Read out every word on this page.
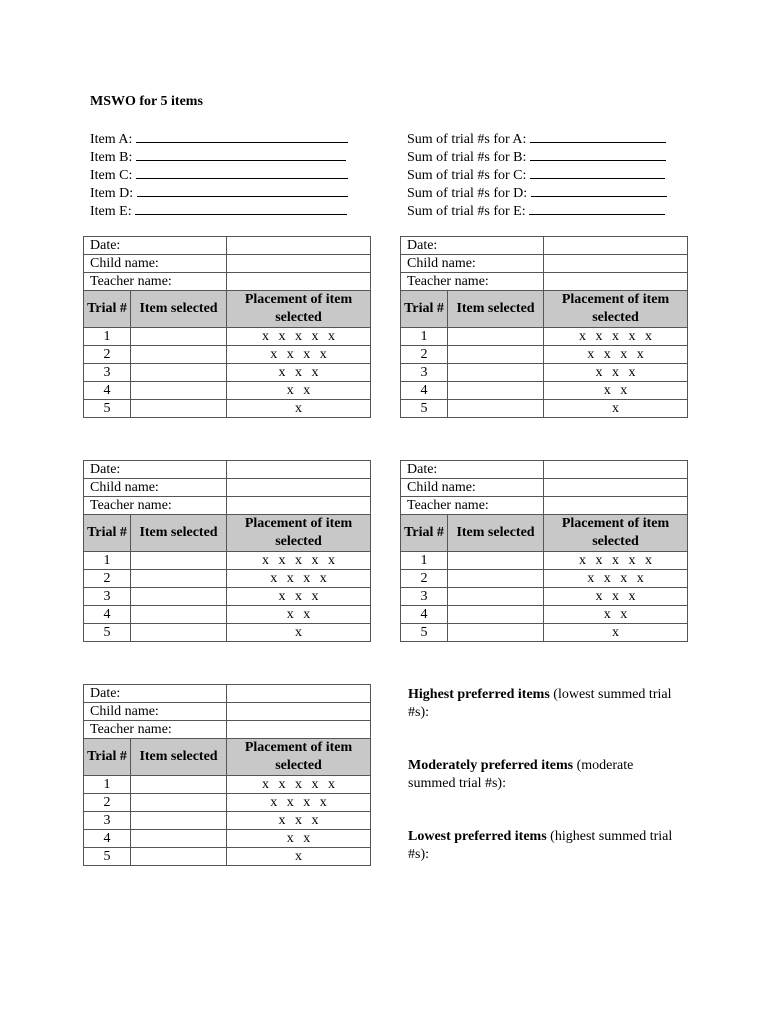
MSWO for 5 items
Item A:
Item B:
Item C:
Item D:
Item E:
Sum of trial #s for A:
Sum of trial #s for B:
Sum of trial #s for C:
Sum of trial #s for D:
Sum of trial #s for E:
Date:		
Child name:		
Teacher name:		
Trial #	Item selected	Placement of item selected
1		x x x x x
2		x x x x
3		x x x
4		x x
5		x
Date:		
Child name:		
Teacher name:		
Trial #	Item selected	Placement of item selected
1		x x x x x
2		x x x x
3		x x x
4		x x
5		x
Date:		
Child name:		
Teacher name:		
Trial #	Item selected	Placement of item selected
1		x x x x x
2		x x x x
3		x x x
4		x x
5		x
Date:		
Child name:		
Teacher name:		
Trial #	Item selected	Placement of item selected
1		x x x x x
2		x x x x
3		x x x
4		x x
5		x
Date:		
Child name:		
Teacher name:		
Trial #	Item selected	Placement of item selected
1		x x x x x
2		x x x x
3		x x x
4		x x
5		x
Highest preferred items (lowest summed trial #s):
Moderately preferred items (moderate summed trial #s):
Lowest preferred items (highest summed trial #s):
